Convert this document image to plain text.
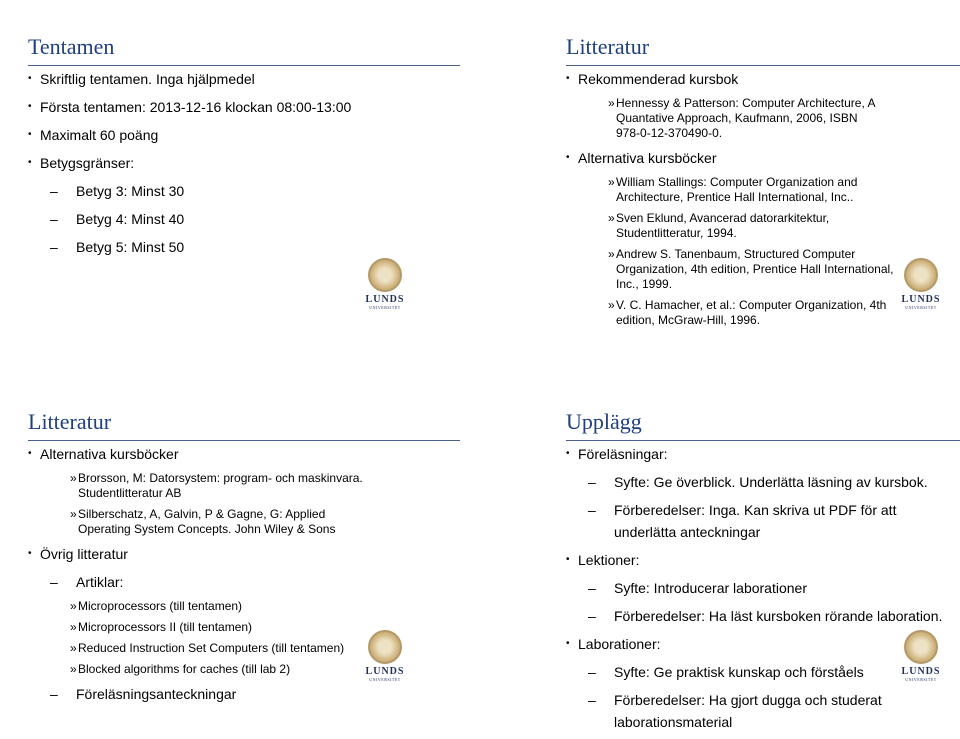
Tentamen
• Skriftlig tentamen. Inga hjälpmedel
• Första tentamen: 2013-12-16 klockan 08:00-13:00
• Maximalt 60 poäng
• Betygsgränser:
– Betyg 3: Minst 30
– Betyg 4: Minst 40
– Betyg 5: Minst 50
Litteratur
• Rekommenderad kursbok
»Hennessy & Patterson: Computer Architecture, A
Quantative Approach, Kaufmann, 2006, ISBN
978-0-12-370490-0.
• Alternativa kursböcker
»William Stallings: Computer Organization and
Architecture, Prentice Hall International, Inc..
»Sven Eklund, Avancerad datorarkitektur,
Studentlitteratur, 1994.
»Andrew S. Tanenbaum, Structured Computer
Organization, 4th edition, Prentice Hall International,
Inc., 1999.
»V. C. Hamacher, et al.: Computer Organization, 4th
edition, McGraw-Hill, 1996.
Litteratur
• Alternativa kursböcker
»Brorsson, M: Datorsystem: program- och maskinvara.
Studentlitteratur AB
»Silberschatz, A, Galvin, P & Gagne, G: Applied
Operating System Concepts. John Wiley & Sons
• Övrig litteratur
– Artiklar:
»Microprocessors (till tentamen)
»Microprocessors II (till tentamen)
»Reduced Instruction Set Computers (till tentamen)
»Blocked algorithms for caches (till lab 2)
– Föreläsningsanteckningar
Upplägg
• Föreläsningar:
– Syfte: Ge överblick. Underlätta läsning av kursbok.
– Förberedelser: Inga. Kan skriva ut PDF för att
underlätta anteckningar
• Lektioner:
– Syfte: Introducerar laborationer
– Förberedelser: Ha läst kursboken rörande laboration.
• Laborationer:
– Syfte: Ge praktisk kunskap och förståels
– Förberedelser: Ha gjort dugga och studerat
laborationsmaterial
LUNDS
UNIVERSITET
LUNDS
UNIVERSITET
LUNDS
UNIVERSITET
LUNDS
UNIVERSITET
